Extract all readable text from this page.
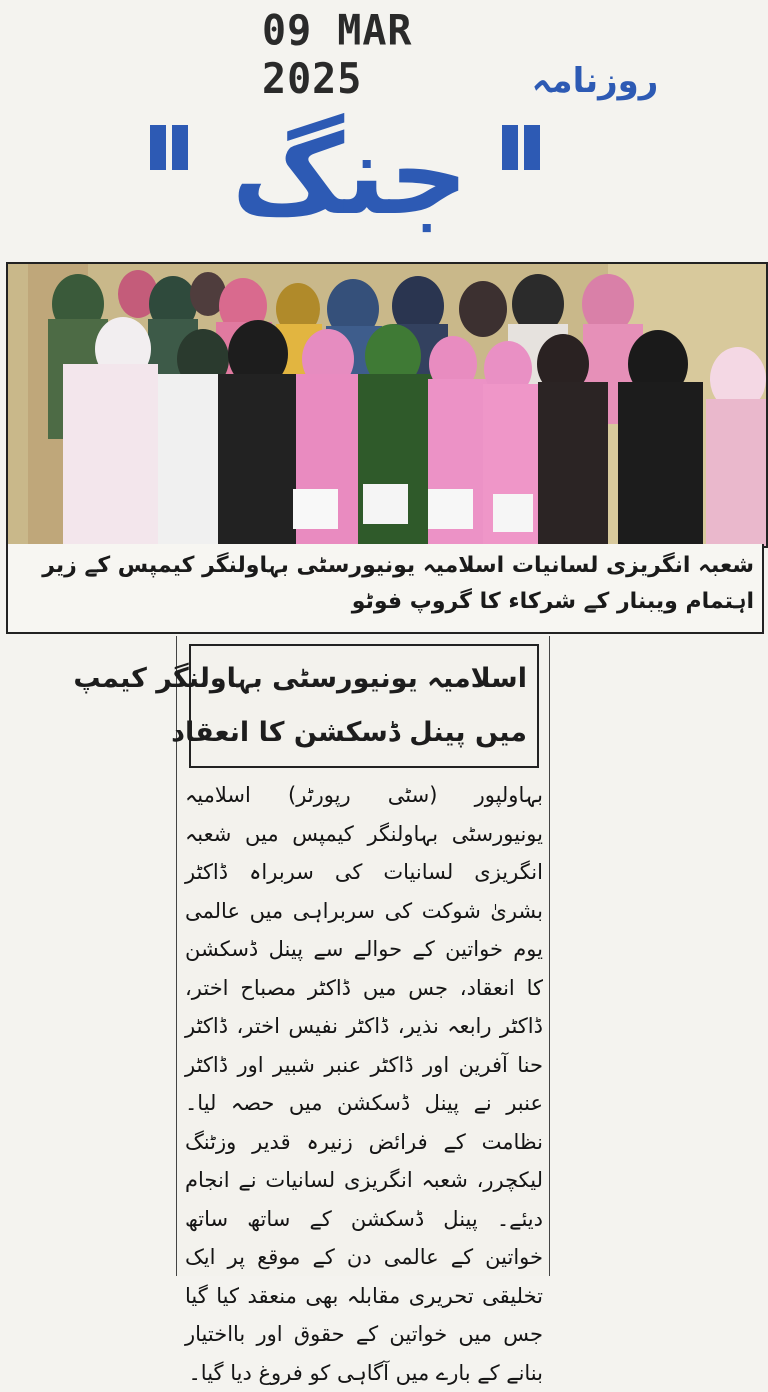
09 MAR 2025	روزنامہ
جنگ
شعبہ انگریزی لسانیات اسلامیہ یونیورسٹی بہاولنگر کیمپس کے زیر اہتمام ویبنار کے شرکاء کا گروپ فوٹو
اسلامیہ یونیورسٹی بہاولنگر کیمپ
میں پینل ڈسکشن کا انعقاد
بہاولپور (سٹی رپورٹر) اسلامیہ یونیورسٹی بہاولنگر کیمپس میں شعبہ انگریزی لسانیات کی سربراہ ڈاکٹر بشریٰ شوکت کی سربراہی میں عالمی یوم خواتین کے حوالے سے پینل ڈسکشن کا انعقاد، جس میں ڈاکٹر مصباح اختر، ڈاکٹر رابعہ نذیر، ڈاکٹر نفیس اختر، ڈاکٹر حنا آفرین اور ڈاکٹر عنبر شبیر اور ڈاکٹر عنبر نے پینل ڈسکشن میں حصہ لیا۔ نظامت کے فرائض زنیرہ قدیر وزٹنگ لیکچرر، شعبہ انگریزی لسانیات نے انجام دیئے۔ پینل ڈسکشن کے ساتھ ساتھ خواتین کے عالمی دن کے موقع پر ایک تخلیقی تحریری مقابلہ بھی منعقد کیا گیا جس میں خواتین کے حقوق اور بااختیار بنانے کے بارے میں آگاہی کو فروغ دیا گیا۔
